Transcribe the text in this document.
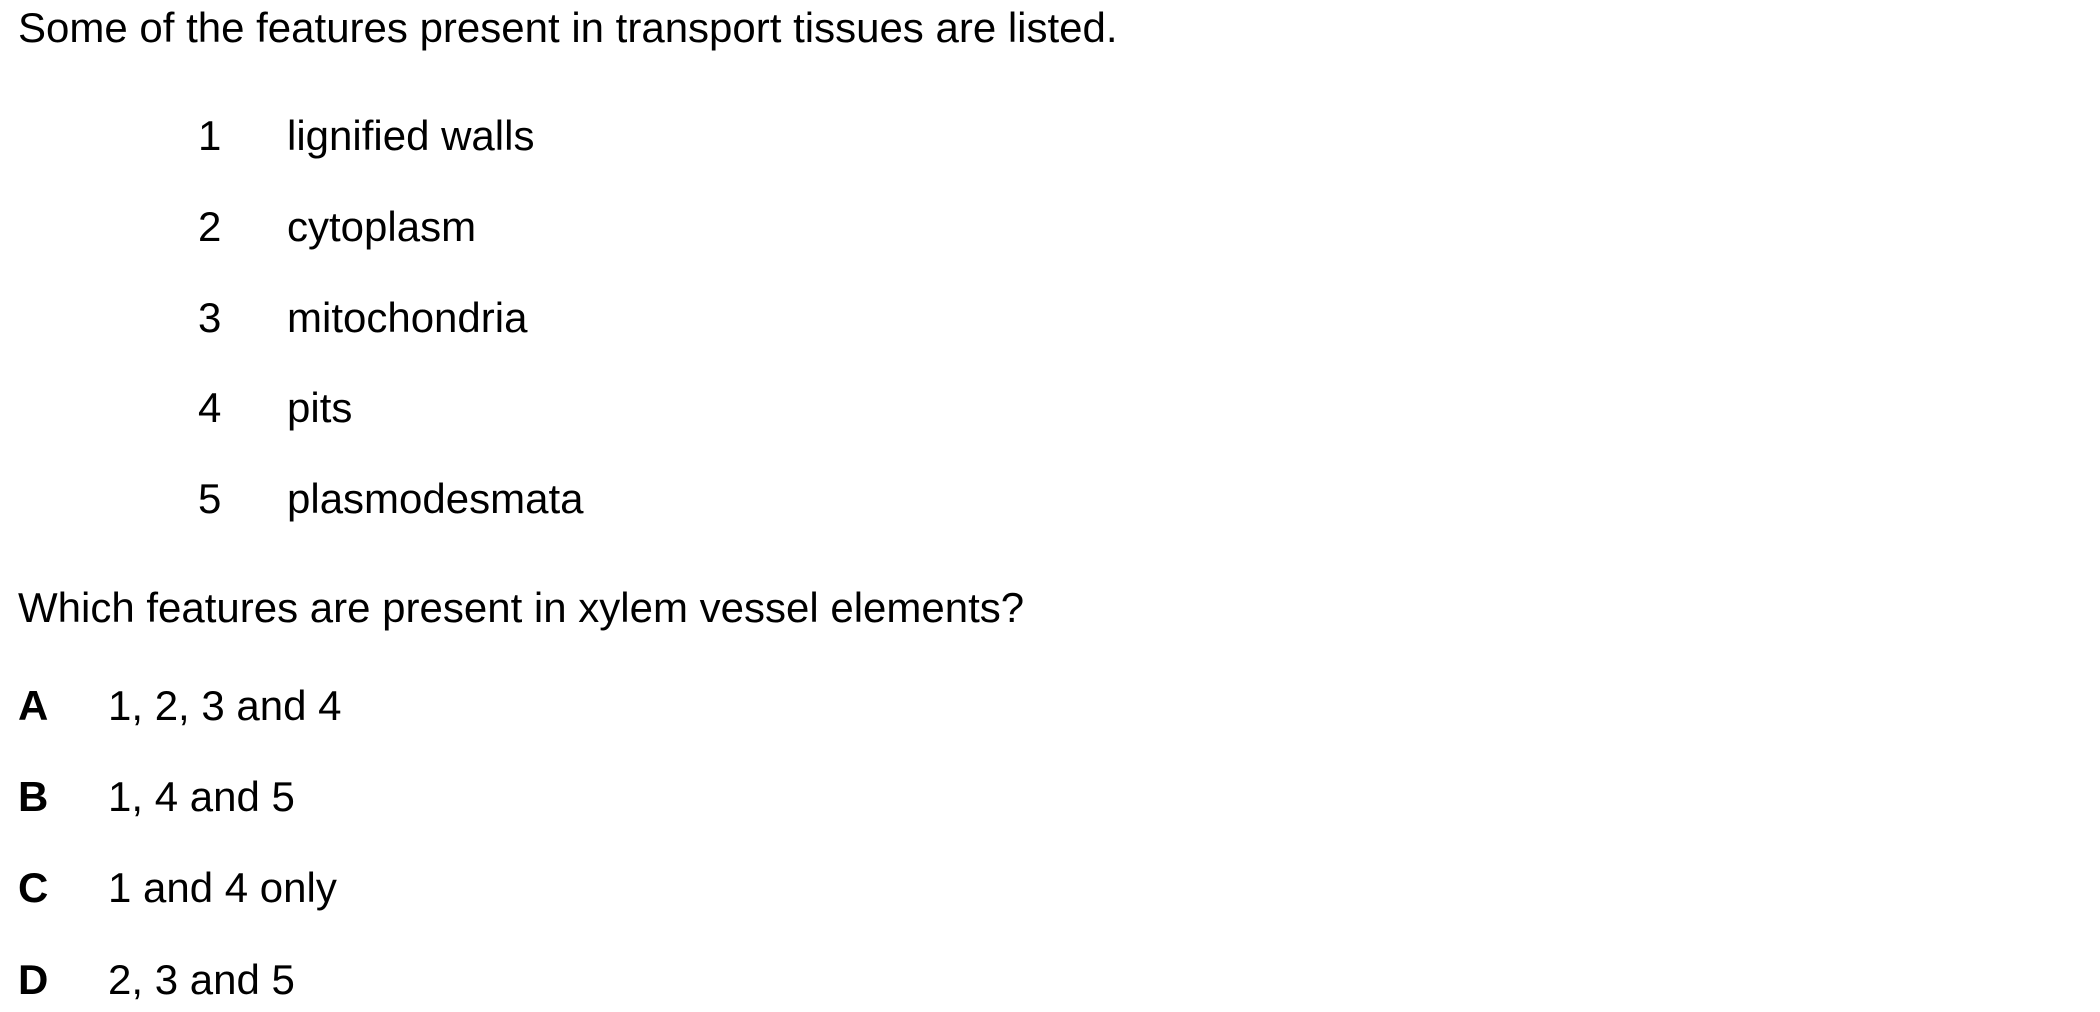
Some of the features present in transport tissues are listed.
1 lignified walls
2 cytoplasm
3 mitochondria
4 pits
5 plasmodesmata
Which features are present in xylem vessel elements?
A 1, 2, 3 and 4
B 1, 4 and 5
C 1 and 4 only
D 2, 3 and 5
